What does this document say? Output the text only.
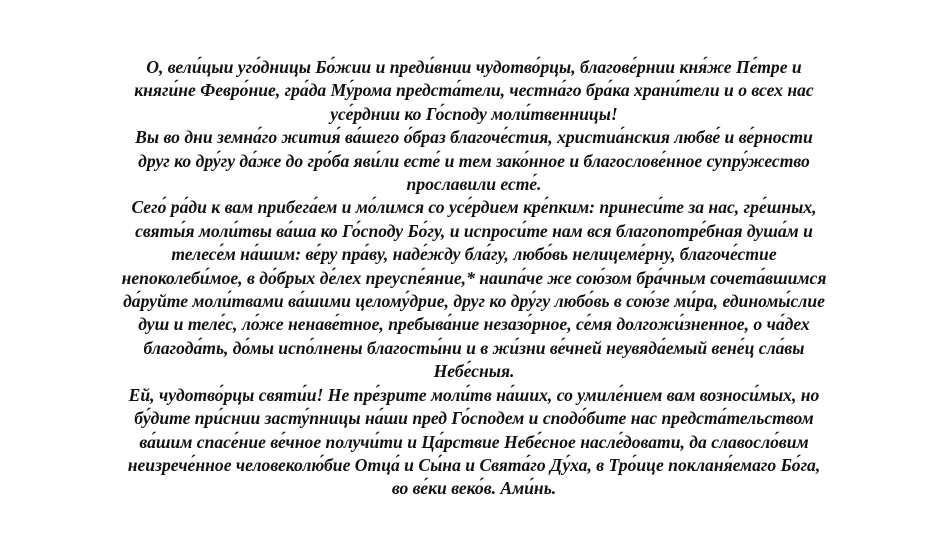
О, вели́цыи уго́дницы Бо́жии и преди́внии чудотво́рцы, благове́рнии кня́же Пе́тре и
княги́не Февро́ние, гра́да Му́рома предста́тели, честна́го бра́ка храни́тели и о всех нас
усе́рднии ко Го́споду моли́твенницы!

Вы во дни земна́го жития́ ва́шего о́браз благоче́стия, христиа́нския любве́ и ве́рности
друг ко дру́гу да́же до гро́ба яви́ли есте́ и тем зако́нное и благослове́нное супру́жество
прославили есте́.

Сего́ ра́ди к вам прибега́ем и мо́лимся со усе́рдием кре́пким: принеси́те за нас, гре́шных,
святы́я моли́твы ва́ша ко Го́споду Бо́гу, и испроси́те нам вся благопотре́бная душа́м и
телесе́м на́шим: ве́ру пра́ву, наде́жду бла́гу, любо́вь нелицеме́рну, благоче́стие
непоколеби́мое, в до́брых де́лех преуспе́яние,* наипа́че же сою́зом бра́чным сочета́вшимся
да́руйте моли́твами ва́шими целому́дрие, друг ко дру́гу любо́вь в сою́зе ми́ра, единомы́слие
душ и теле́с, ло́же ненаве́тное, пребыва́ние незазо́рное, се́мя долгожи́зненное, о ча́дех
благода́ть, до́мы испо́лнены благосты́ни и в жи́зни ве́чней неувяда́емый вене́ц сла́вы
Небе́сныя.

Ей, чудотво́рцы святи́и! Не пре́зрите моли́тв на́ших, со умиле́нием вам возноси́мых, но
бу́дите при́снии засту́пницы на́ши пред Го́сподем и сподо́бите нас предста́тельством
ва́шим спасе́ние ве́чное получи́ти и Ца́рствие Небе́сное насле́довати, да славосло́вим
неизрече́нное человеколю́бие Отца́ и Сы́на и Свята́го Ду́ха, в Тро́ице покланя́емаго Бо́га,
во ве́ки веко́в. Ами́нь.
